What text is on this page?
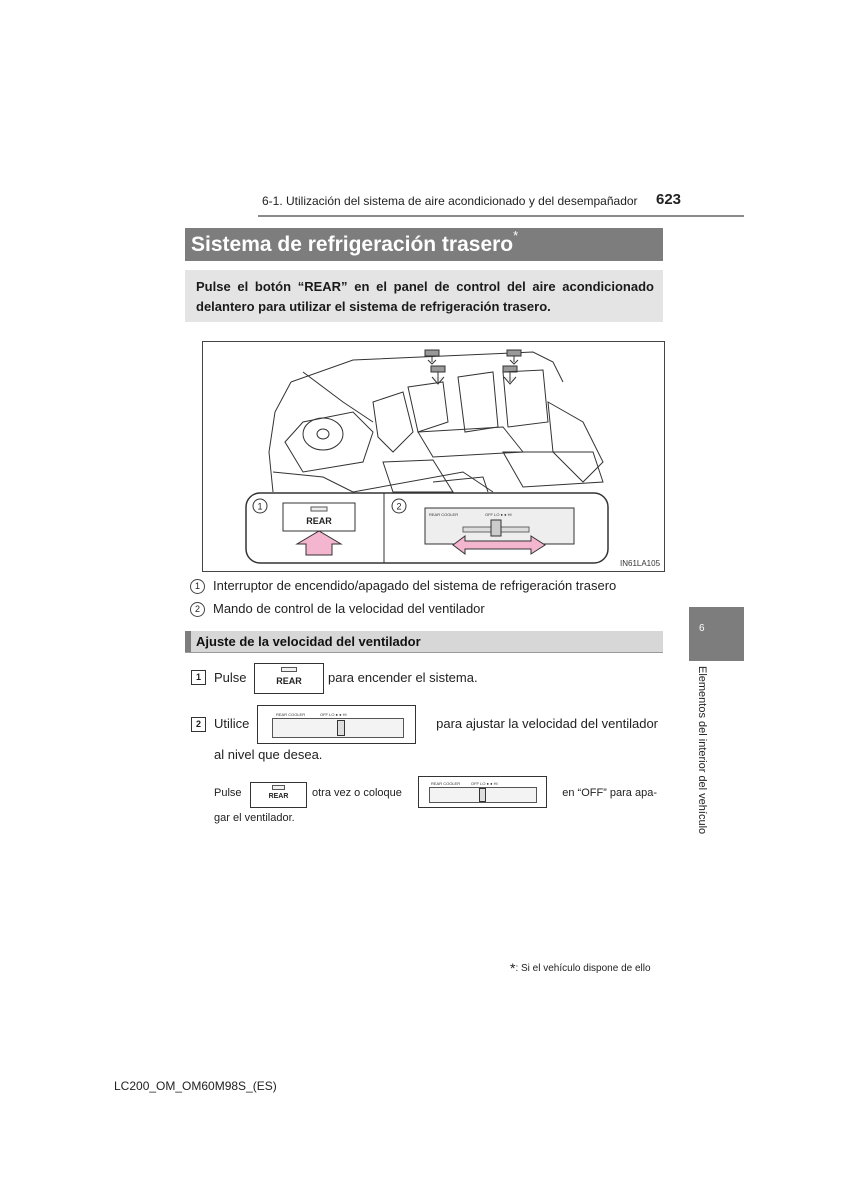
6-1. Utilización del sistema de aire acondicionado y del desempañador 623
Sistema de refrigeración trasero*
Pulse el botón “REAR” en el panel de control del aire acondicionado delantero para utilizar el sistema de refrigeración trasero.
1	2
REAR
REAR COOLER	OFF LO ● ● HI
IN61LA105
1 Interruptor de encendido/apagado del sistema de refrigeración trasero
2 Mando de control de la velocidad del ventilador
Ajuste de la velocidad del ventilador
1	Pulse	REAR	para encender el sistema.
2	Utilice
REAR COOLER	OFF LO ● ● HI
para ajustar la velocidad del ventilador
al nivel que desea.
Pulse	REAR	otra vez o coloque
REAR COOLER	OFF LO ● ● HI
en “OFF” para apa-
gar el ventilador.
6
Elementos del interior del vehículo
*: Si el vehículo dispone de ello
LC200_OM_OM60M98S_(ES)
